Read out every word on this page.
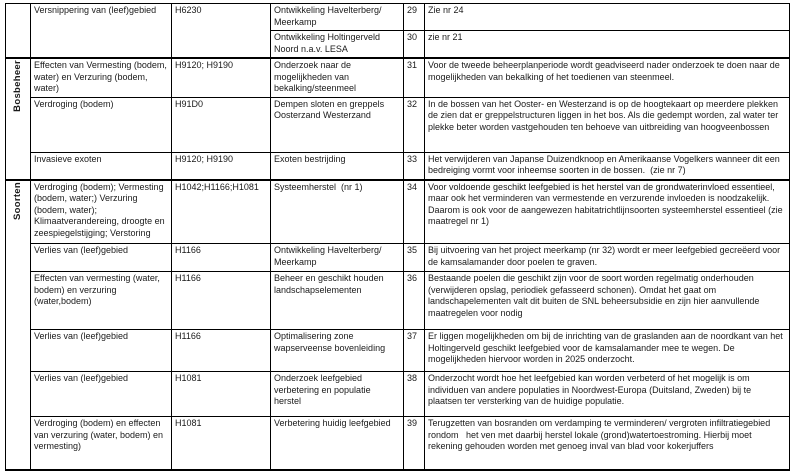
	Versnippering van (leef)gebied	H6230	Ontwikkeling Havelterberg/ Meerkamp	29	Zie nr 24
			Ontwikkeling Holtingerveld Noord n.a.v. LESA	30	zie nr 21
Bosbeheer	Effecten van Vermesting (bodem, water) en Verzuring (bodem, water)	H9120; H9190	Onderzoek naar de mogelijkheden van bekalking/steenmeel	31	Voor de tweede beheerplanperiode wordt geadviseerd nader onderzoek te doen naar de mogelijkheden van bekalking of het toedienen van steenmeel.
	Verdroging (bodem)	H91D0	Dempen sloten en greppels Oosterzand Westerzand	32	In de bossen van het Ooster- en Westerzand is op de hoogtekaart op meerdere plekken de zien dat er greppelstructuren liggen in het bos. Als die gedempt worden, zal water ter plekke beter worden vastgehouden ten behoeve van uitbreiding van hoogveenbossen
	Invasieve exoten	H9120; H9190	Exoten bestrijding	33	Het verwijderen van Japanse Duizendknoop en Amerikaanse Vogelkers wanneer dit een bedreiging vormt voor inheemse soorten in de bossen.  (zie nr 7)
Soorten	Verdroging (bodem); Vermesting (bodem, water;) Verzuring (bodem, water); Klimaatverandereing, droogte en zeespiegelstijging; Verstoring	H1042;H1166;H1081	Systeemherstel  (nr 1)	34	Voor voldoende geschikt leefgebied is het herstel van de grondwaterinvloed essentieel, maar ook het verminderen van vermestende en verzurende invloeden is noodzakelijk. Daarom is ook voor de aangewezen habitatrichtlijnsoorten systeemherstel essentieel (zie maatregel nr 1)
	Verlies van (leef)gebied	H1166	Ontwikkeling Havelterberg/ Meerkamp	35	Bij uitvoering van het project meerkamp (nr 32) wordt er meer leefgebied gecreëerd voor de kamsalamander door poelen te graven.
	Effecten van vermesting (water, bodem) en verzuring (water,bodem)	H1166	Beheer en geschikt houden landschapselementen	36	Bestaande poelen die geschikt zijn voor de soort worden regelmatig onderhouden (verwijderen opslag, periodiek gefasseerd schonen). Omdat het gaat om landschapelementen valt dit buiten de SNL beheersubsidie en zijn hier aanvullende maatregelen voor nodig
	Verlies van (leef)gebied	H1166	Optimalisering zone wapserveense bovenleiding	37	Er liggen mogelijkheden om bij de inrichting van de graslanden aan de noordkant van het Holtingerveld geschikt leefgebied voor de kamsalamander mee te wegen. De mogelijkheden hiervoor worden in 2025 onderzocht.
	Verlies van (leef)gebied	H1081	Onderzoek leefgebied verbetering en populatie herstel	38	Onderzocht wordt hoe het leefgebied kan worden verbeterd of het mogelijk is om individuen van andere populaties in Noordwest-Europa (Duitsland, Zweden) bij te plaatsen ter versterking van de huidige populatie.
	Verdroging (bodem) en effecten van verzuring (water, bodem) en vermesting)	H1081	Verbetering huidig leefgebied	39	Terugzetten van bosranden om verdamping te verminderen/ vergroten infiltratiegebied rondom   het ven met daarbij herstel lokale (grond)watertoestroming. Hierbij moet rekening gehouden worden met genoeg inval van blad voor kokerjuffers
